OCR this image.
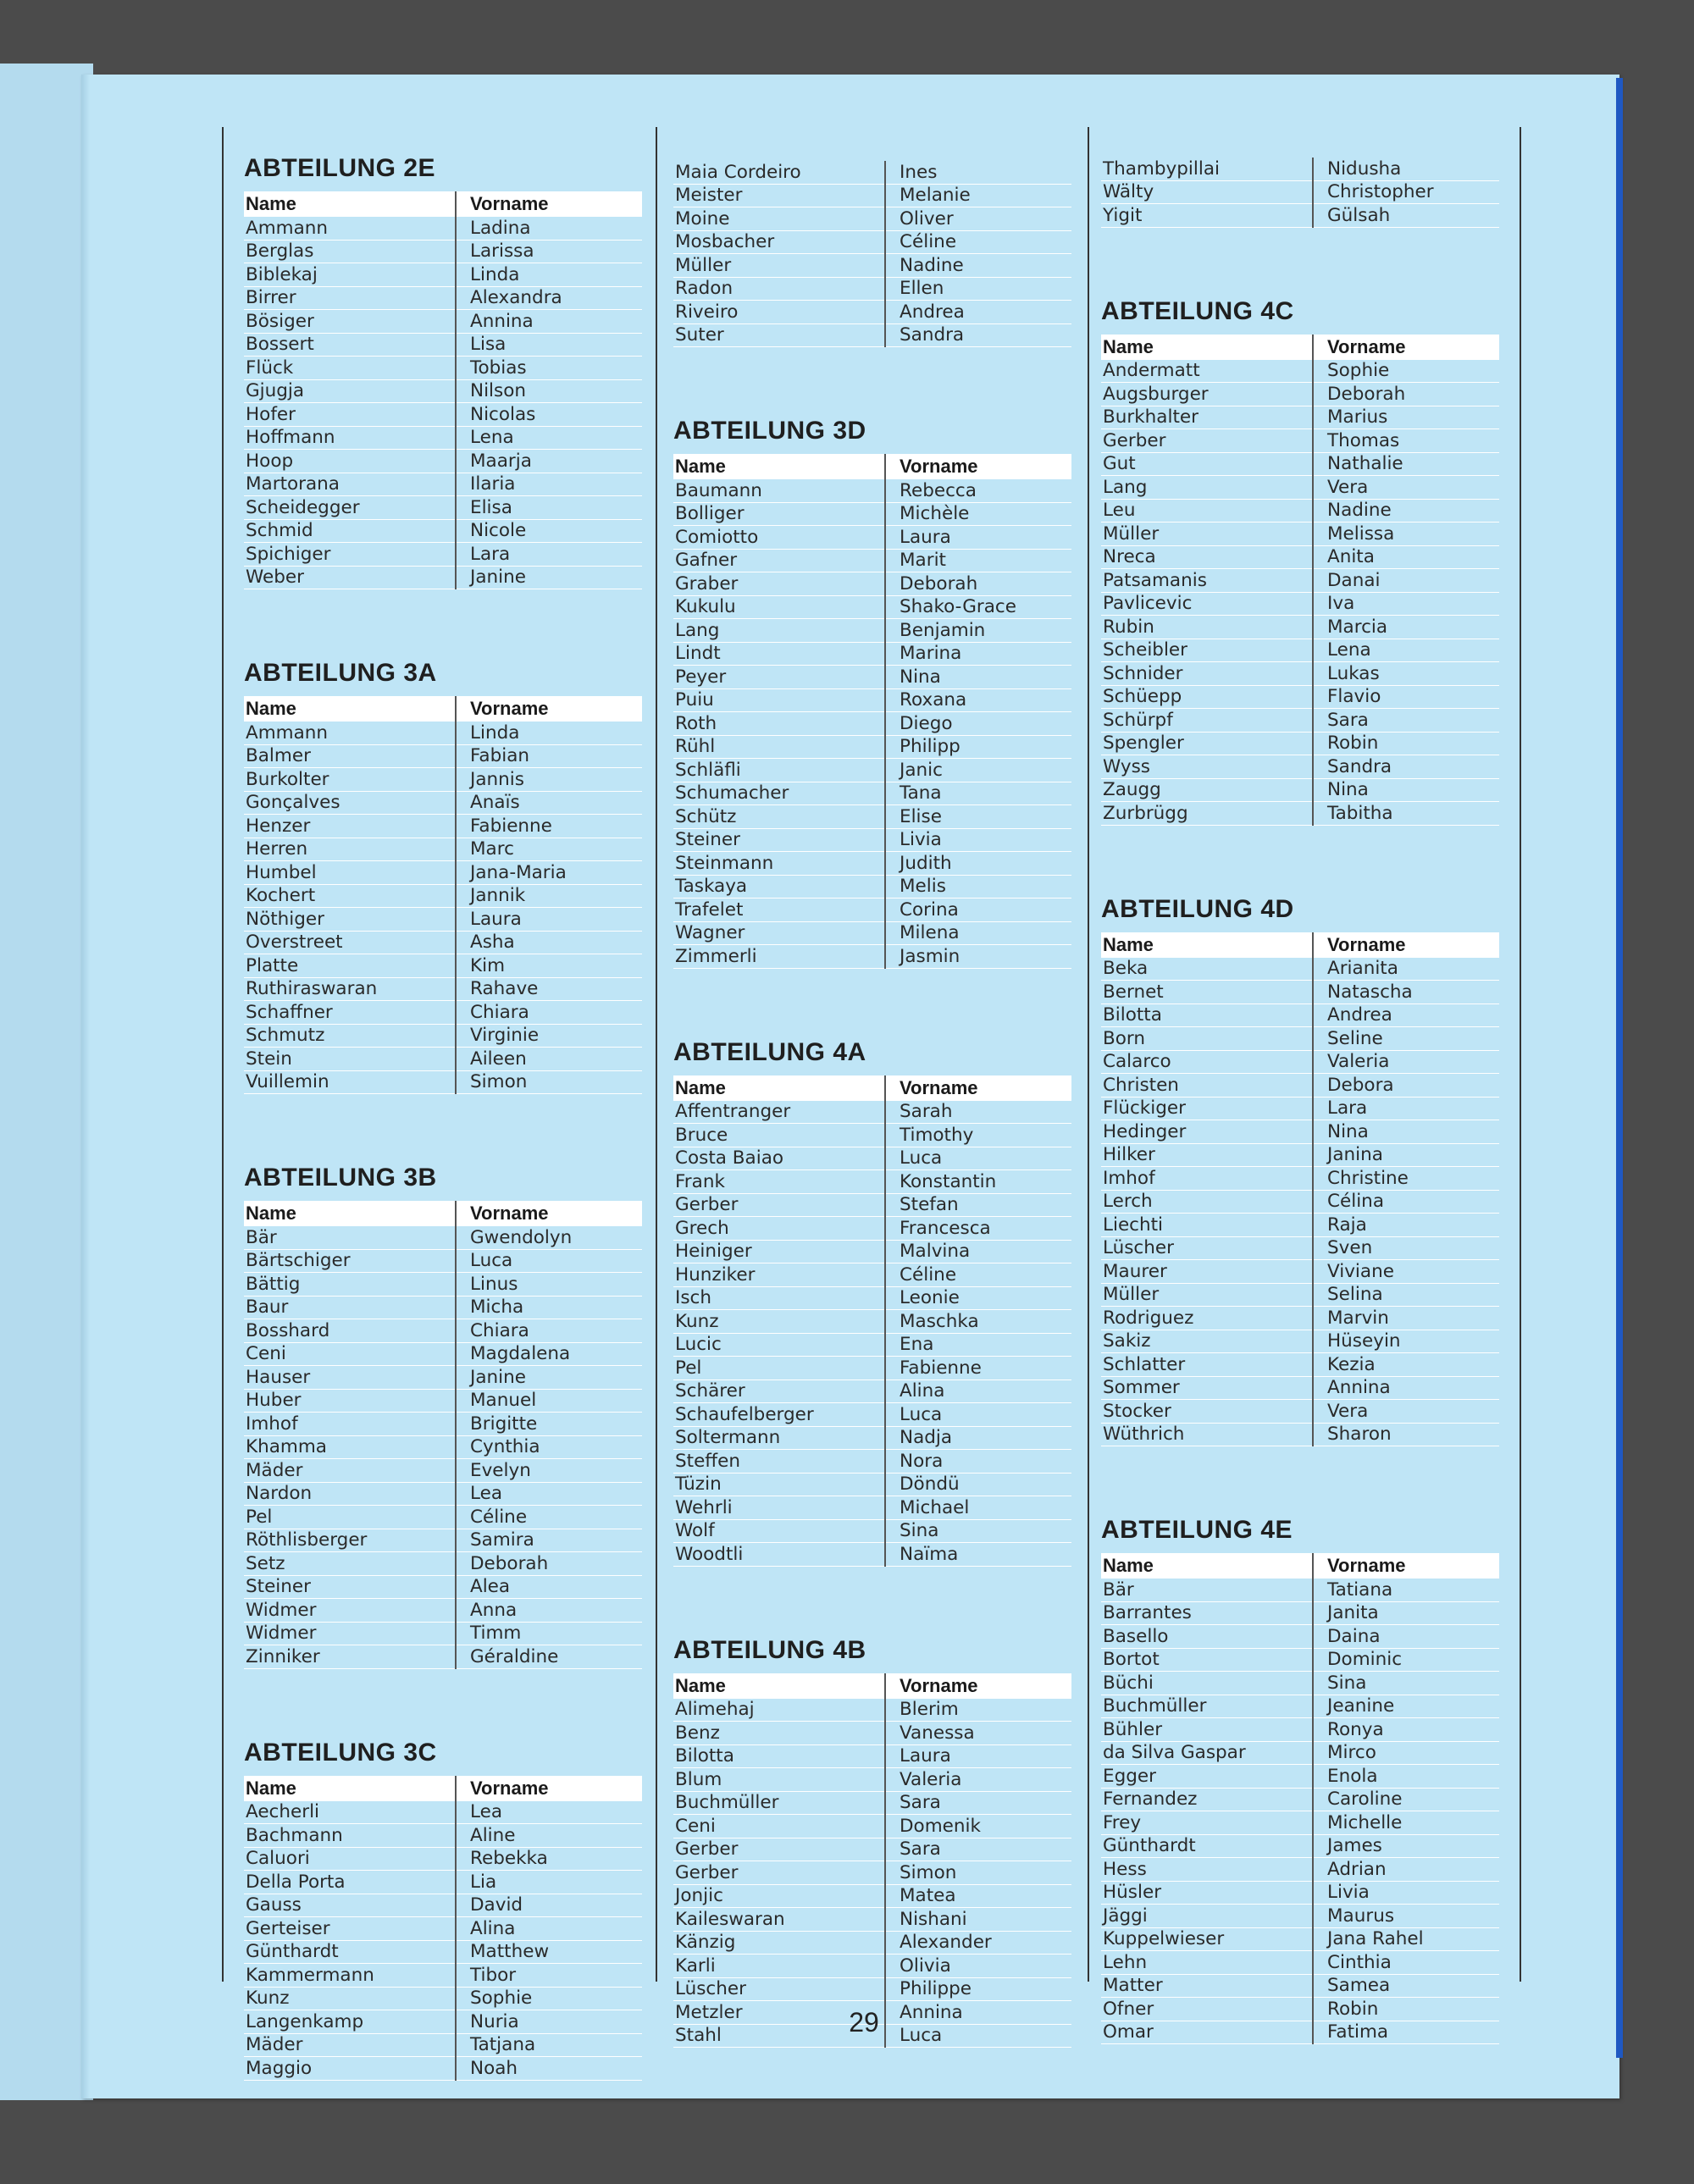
ABTEILUNG 2E
Name	Vorname
Ammann	Ladina
Berglas	Larissa
Biblekaj	Linda
Birrer	Alexandra
Bösiger	Annina
Bossert	Lisa
Flück	Tobias
Gjugja	Nilson
Hofer	Nicolas
Hoffmann	Lena
Hoop	Maarja
Martorana	Ilaria
Scheidegger	Elisa
Schmid	Nicole
Spichiger	Lara
Weber	Janine
ABTEILUNG 3A
Name	Vorname
Ammann	Linda
Balmer	Fabian
Burkolter	Jannis
Gonçalves	Anaïs
Henzer	Fabienne
Herren	Marc
Humbel	Jana-Maria
Kochert	Jannik
Nöthiger	Laura
Overstreet	Asha
Platte	Kim
Ruthiraswaran	Rahave
Schaffner	Chiara
Schmutz	Virginie
Stein	Aileen
Vuillemin	Simon
ABTEILUNG 3B
Name	Vorname
Bär	Gwendolyn
Bärtschiger	Luca
Bättig	Linus
Baur	Micha
Bosshard	Chiara
Ceni	Magdalena
Hauser	Janine
Huber	Manuel
Imhof	Brigitte
Khamma	Cynthia
Mäder	Evelyn
Nardon	Lea
Pel	Céline
Röthlisberger	Samira
Setz	Deborah
Steiner	Alea
Widmer	Anna
Widmer	Timm
Zinniker	Géraldine
ABTEILUNG 3C
Name	Vorname
Aecherli	Lea
Bachmann	Aline
Caluori	Rebekka
Della Porta	Lia
Gauss	David
Gerteiser	Alina
Günthardt	Matthew
Kammermann	Tibor
Kunz	Sophie
Langenkamp	Nuria
Mäder	Tatjana
Maggio	Noah
Maia Cordeiro	Ines
Meister	Melanie
Moine	Oliver
Mosbacher	Céline
Müller	Nadine
Radon	Ellen
Riveiro	Andrea
Suter	Sandra
ABTEILUNG 3D
Name	Vorname
Baumann	Rebecca
Bolliger	Michèle
Comiotto	Laura
Gafner	Marit
Graber	Deborah
Kukulu	Shako-Grace
Lang	Benjamin
Lindt	Marina
Peyer	Nina
Puiu	Roxana
Roth	Diego
Rühl	Philipp
Schläfli	Janic
Schumacher	Tana
Schütz	Elise
Steiner	Livia
Steinmann	Judith
Taskaya	Melis
Trafelet	Corina
Wagner	Milena
Zimmerli	Jasmin
ABTEILUNG 4A
Name	Vorname
Affentranger	Sarah
Bruce	Timothy
Costa Baiao	Luca
Frank	Konstantin
Gerber	Stefan
Grech	Francesca
Heiniger	Malvina
Hunziker	Céline
Isch	Leonie
Kunz	Maschka
Lucic	Ena
Pel	Fabienne
Schärer	Alina
Schaufelberger	Luca
Soltermann	Nadja
Steffen	Nora
Tüzin	Döndü
Wehrli	Michael
Wolf	Sina
Woodtli	Naïma
ABTEILUNG 4B
Name	Vorname
Alimehaj	Blerim
Benz	Vanessa
Bilotta	Laura
Blum	Valeria
Buchmüller	Sara
Ceni	Domenik
Gerber	Sara
Gerber	Simon
Jonjic	Matea
Kaileswaran	Nishani
Känzig	Alexander
Karli	Olivia
Lüscher	Philippe
Metzler	Annina
Stahl	Luca
Thambypillai	Nidusha
Wälty	Christopher
Yigit	Gülsah
ABTEILUNG 4C
Name	Vorname
Andermatt	Sophie
Augsburger	Deborah
Burkhalter	Marius
Gerber	Thomas
Gut	Nathalie
Lang	Vera
Leu	Nadine
Müller	Melissa
Nreca	Anita
Patsamanis	Danai
Pavlicevic	Iva
Rubin	Marcia
Scheibler	Lena
Schnider	Lukas
Schüepp	Flavio
Schürpf	Sara
Spengler	Robin
Wyss	Sandra
Zaugg	Nina
Zurbrügg	Tabitha
ABTEILUNG 4D
Name	Vorname
Beka	Arianita
Bernet	Natascha
Bilotta	Andrea
Born	Seline
Calarco	Valeria
Christen	Debora
Flückiger	Lara
Hedinger	Nina
Hilker	Janina
Imhof	Christine
Lerch	Célina
Liechti	Raja
Lüscher	Sven
Maurer	Viviane
Müller	Selina
Rodriguez	Marvin
Sakiz	Hüseyin
Schlatter	Kezia
Sommer	Annina
Stocker	Vera
Wüthrich	Sharon
ABTEILUNG 4E
Name	Vorname
Bär	Tatiana
Barrantes	Janita
Basello	Daina
Bortot	Dominic
Büchi	Sina
Buchmüller	Jeanine
Bühler	Ronya
da Silva Gaspar	Mirco
Egger	Enola
Fernandez	Caroline
Frey	Michelle
Günthardt	James
Hess	Adrian
Hüsler	Livia
Jäggi	Maurus
Kuppelwieser	Jana Rahel
Lehn	Cinthia
Matter	Samea
Ofner	Robin
Omar	Fatima
29
